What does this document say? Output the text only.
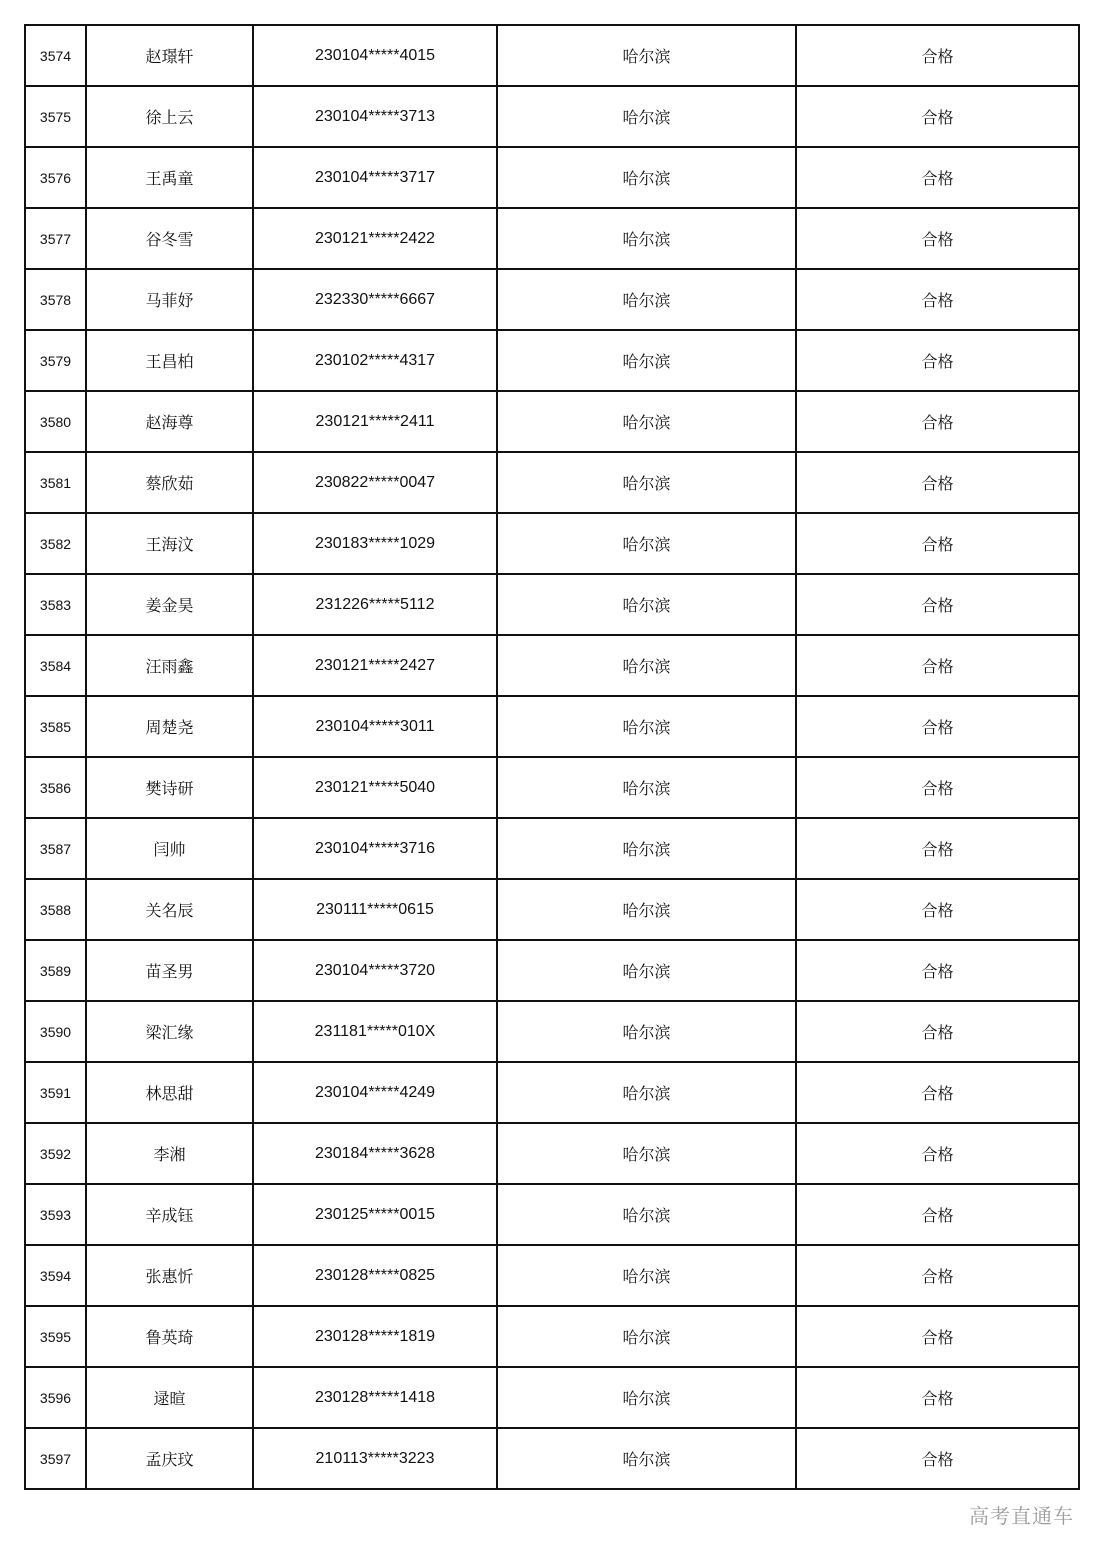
3574	赵璟轩	230104*****4015	哈尔滨	合格
3575	徐上云	230104*****3713	哈尔滨	合格
3576	王禹童	230104*****3717	哈尔滨	合格
3577	谷冬雪	230121*****2422	哈尔滨	合格
3578	马菲妤	232330*****6667	哈尔滨	合格
3579	王昌柏	230102*****4317	哈尔滨	合格
3580	赵海尊	230121*****2411	哈尔滨	合格
3581	蔡欣茹	230822*****0047	哈尔滨	合格
3582	王海汶	230183*****1029	哈尔滨	合格
3583	姜金昊	231226*****5112	哈尔滨	合格
3584	汪雨鑫	230121*****2427	哈尔滨	合格
3585	周楚尧	230104*****3011	哈尔滨	合格
3586	樊诗研	230121*****5040	哈尔滨	合格
3587	闫帅	230104*****3716	哈尔滨	合格
3588	关名辰	230111*****0615	哈尔滨	合格
3589	苗圣男	230104*****3720	哈尔滨	合格
3590	梁汇缘	231181*****010X	哈尔滨	合格
3591	林思甜	230104*****4249	哈尔滨	合格
3592	李湘	230184*****3628	哈尔滨	合格
3593	辛成钰	230125*****0015	哈尔滨	合格
3594	张惠忻	230128*****0825	哈尔滨	合格
3595	鲁英琦	230128*****1819	哈尔滨	合格
3596	逯暄	230128*****1418	哈尔滨	合格
3597	孟庆玟	210113*****3223	哈尔滨	合格
高考直通车
